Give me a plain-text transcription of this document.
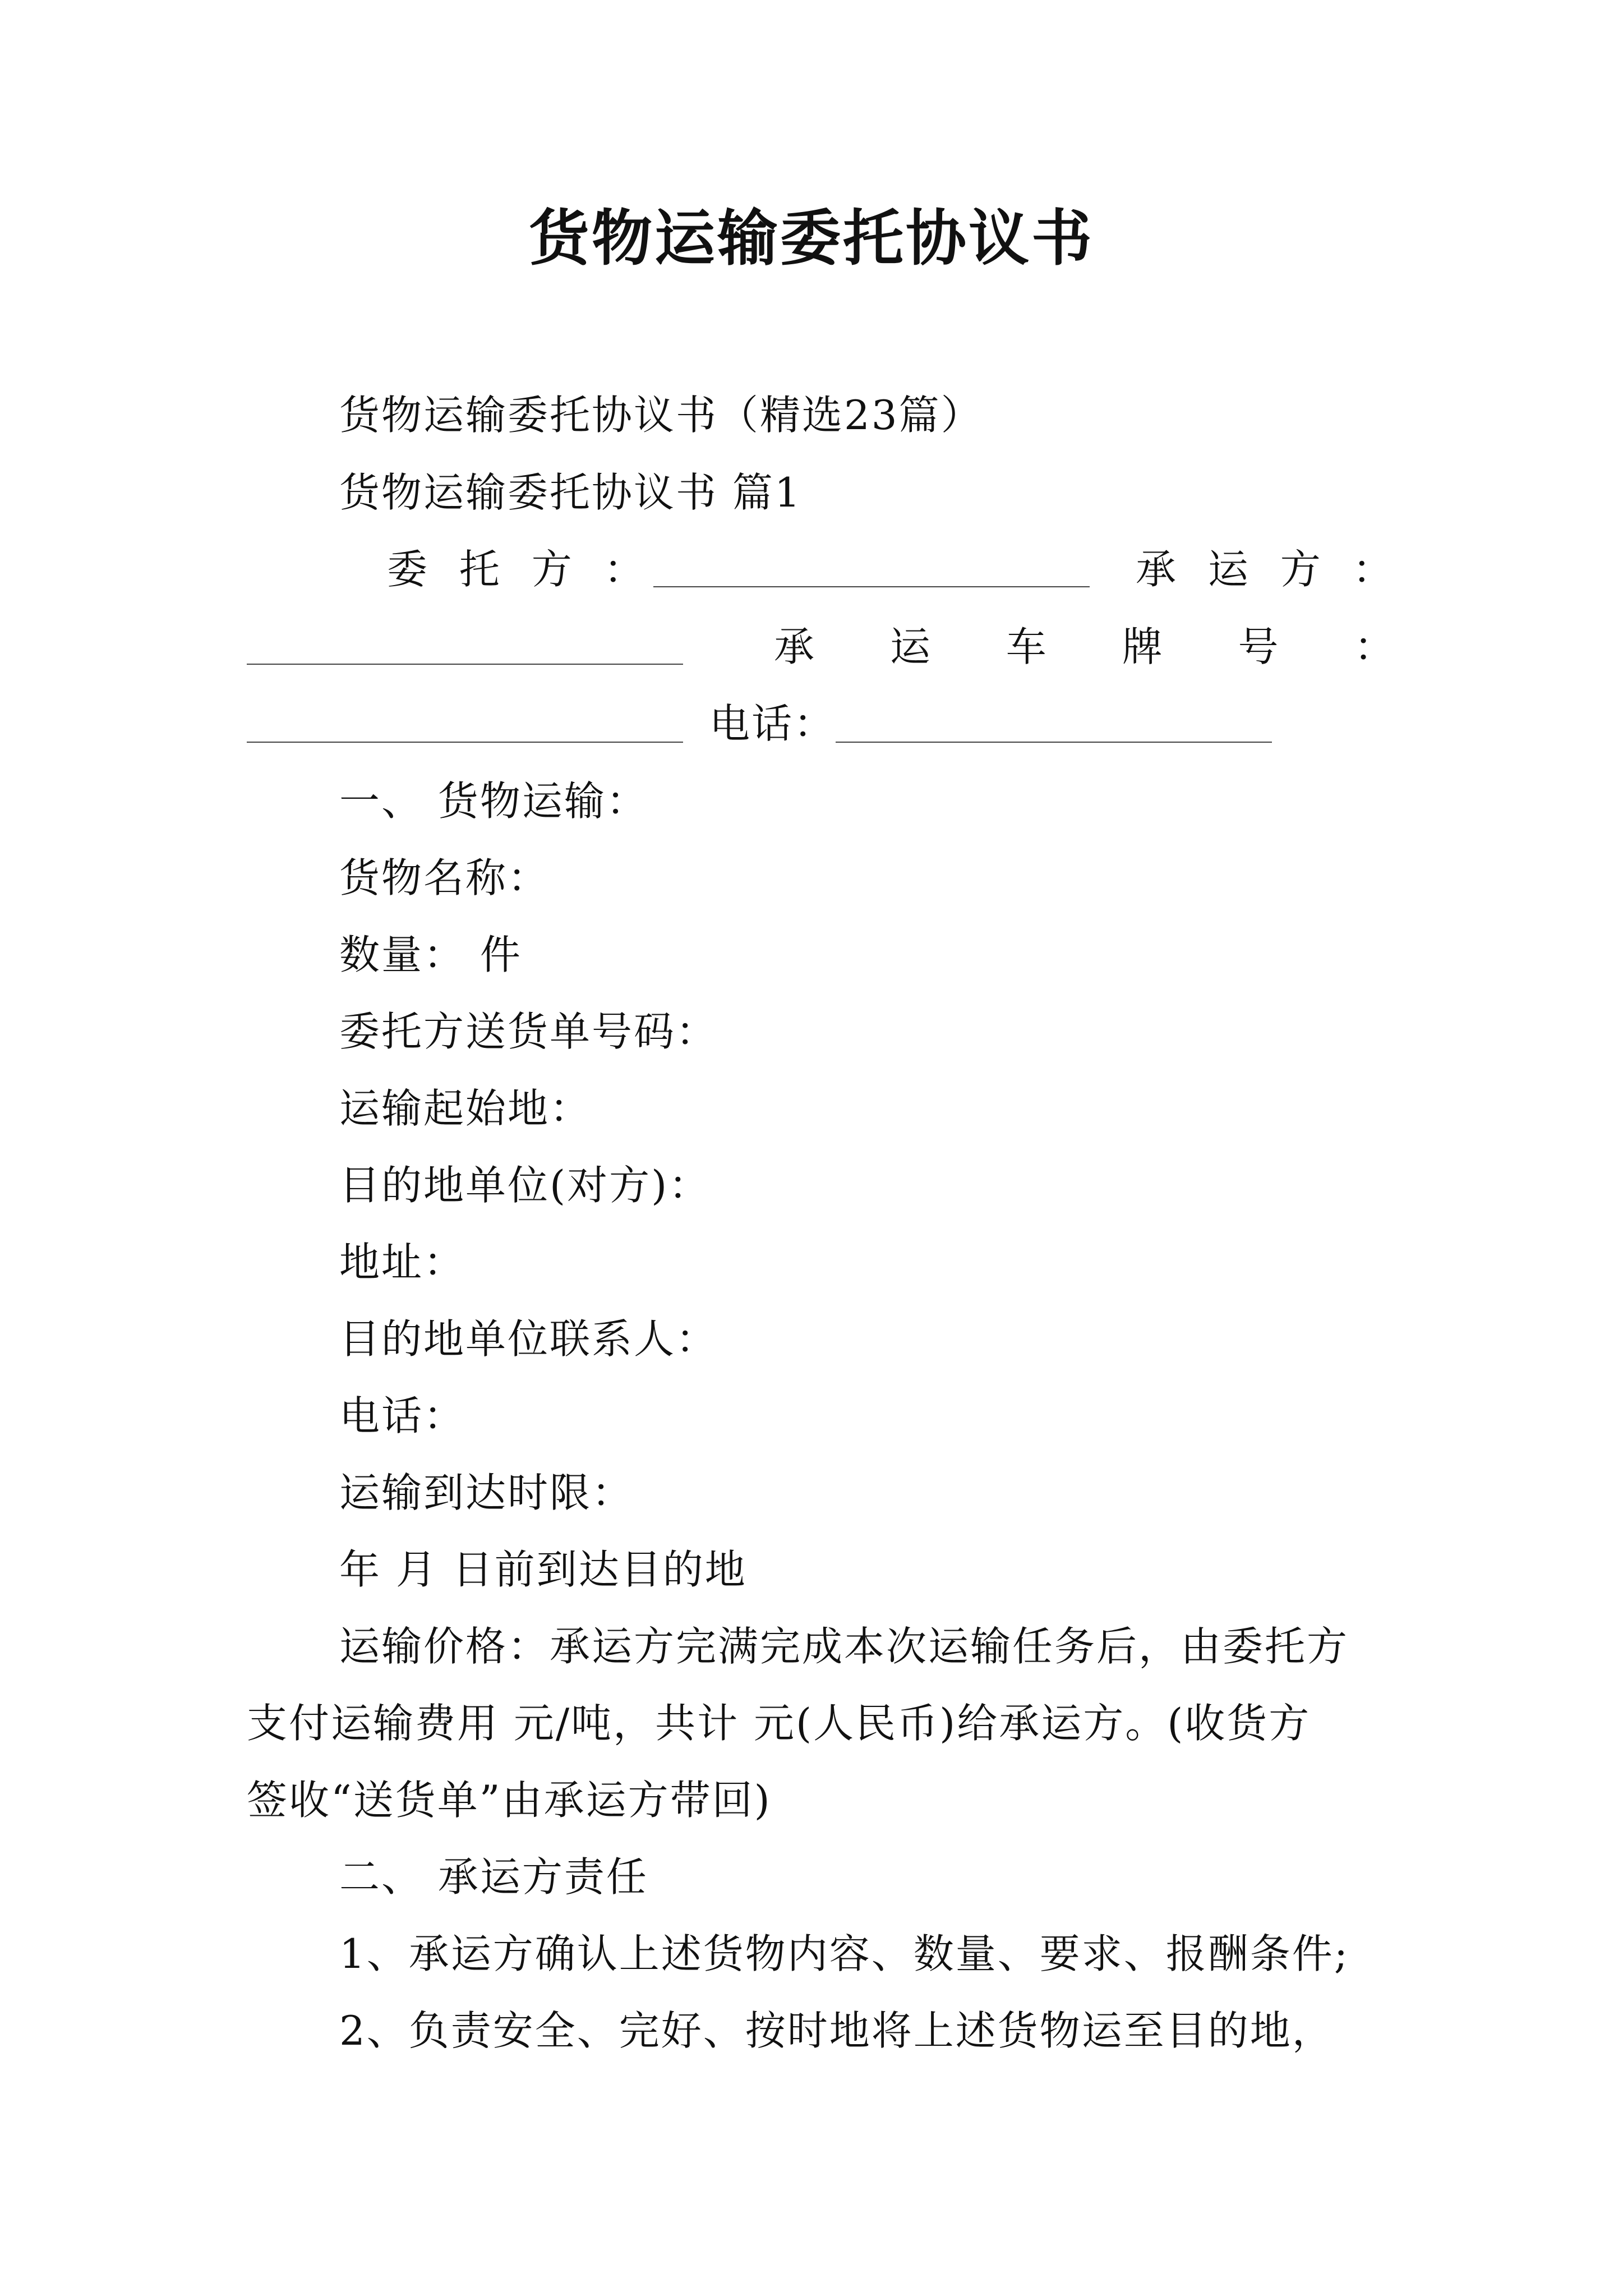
货物运输委托协议书
货物运输委托协议书（精选23篇）
货物运输委托协议书 篇1
委 托 方 ：	承 运 方 ：
承 运 车 牌 号 ：
电话：
一、 货物运输：
货物名称：
数量： 件
委托方送货单号码：
运输起始地：
目的地单位(对方)：
地址：
目的地单位联系人：
电话：
运输到达时限：
年 月 日前到达目的地
运输价格：承运方完满完成本次运输任务后，由委托方
支付运输费用 元/吨，共计 元(人民币)给承运方。(收货方
签收“送货单”由承运方带回)
二、 承运方责任
1、承运方确认上述货物内容、数量、要求、报酬条件;
2、负责安全、完好、按时地将上述货物运至目的地，
